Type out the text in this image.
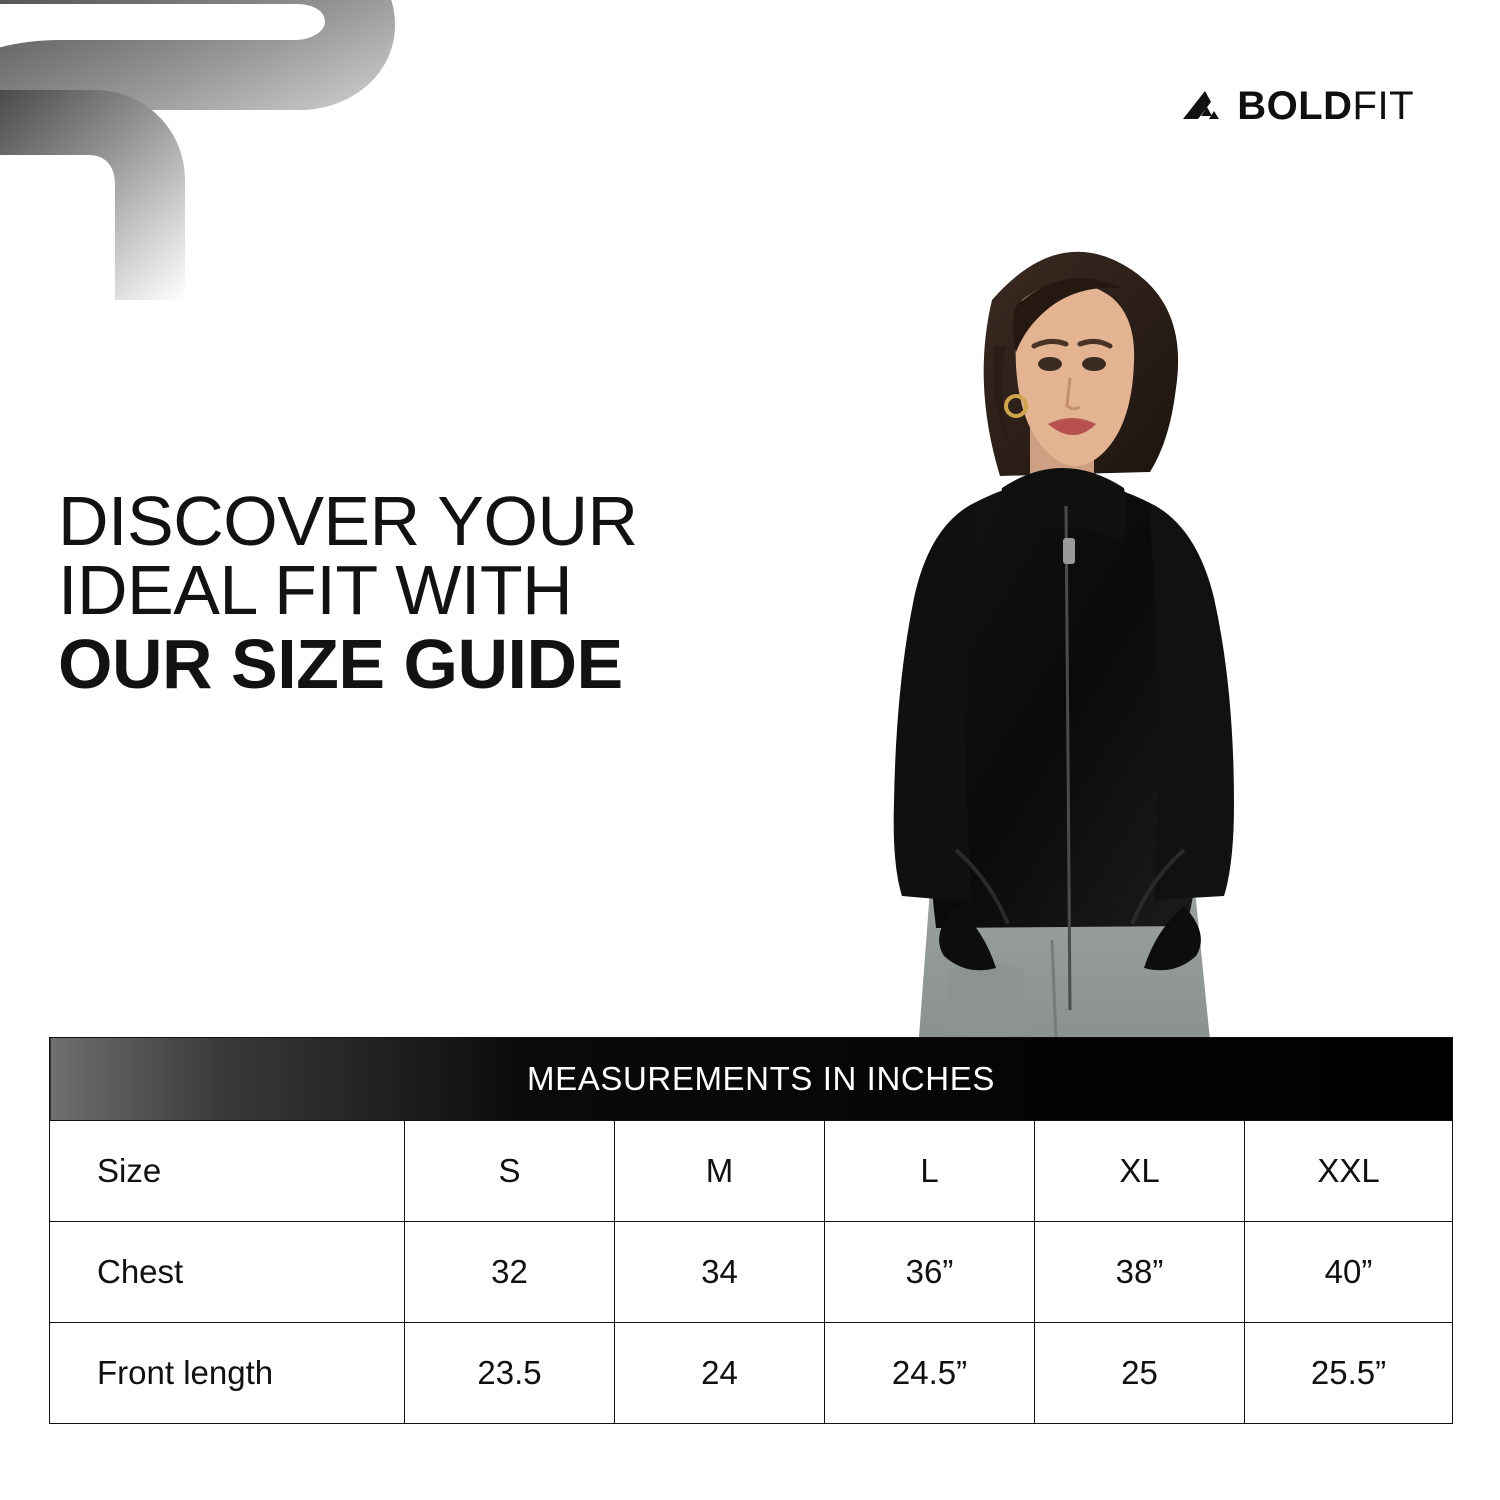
BOLDFIT
DISCOVER YOUR
IDEAL FIT WITH
OUR SIZE GUIDE
MEASUREMENTS IN INCHES					

Size	S	M	L	XL	XXL
Chest	32	34	36”	38”	40”
Front length	23.5	24	24.5”	25	25.5”
